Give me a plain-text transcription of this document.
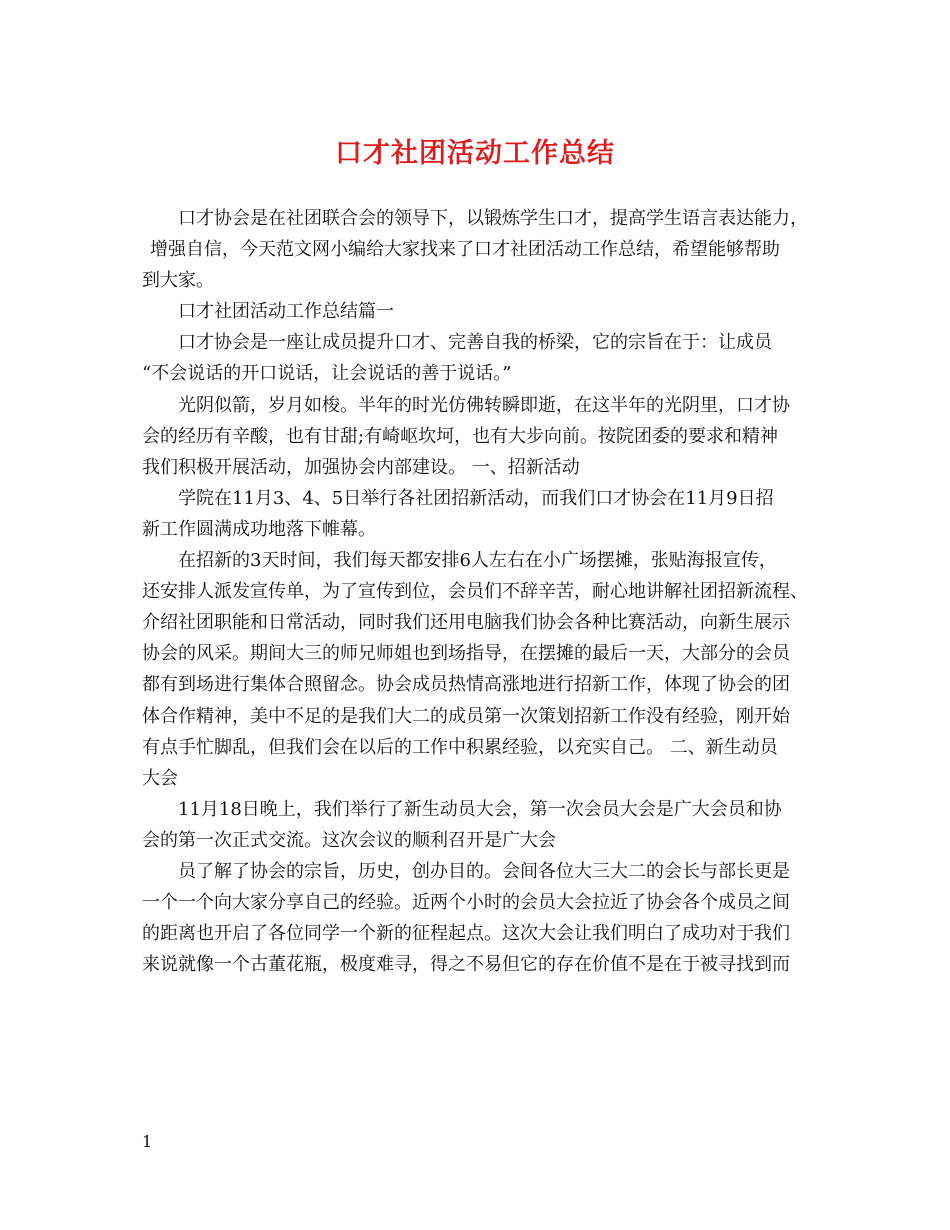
口才社团活动工作总结
口才协会是在社团联合会的领导下，以锻炼学生口才，提高学生语言表达能力，
增强自信，今天范文网小编给大家找来了口才社团活动工作总结，希望能够帮助
到大家。
口才社团活动工作总结篇一
口才协会是一座让成员提升口才、完善自我的桥梁，它的宗旨在于：让成员
“不会说话的开口说话，让会说话的善于说话。”
光阴似箭，岁月如梭。半年的时光仿佛转瞬即逝，在这半年的光阴里，口才协
会的经历有辛酸，也有甘甜;有崎岖坎坷，也有大步向前。按院团委的要求和精神
我们积极开展活动，加强协会内部建设。 一、招新活动
学院在11月3、4、5日举行各社团招新活动，而我们口才协会在11月9日招
新工作圆满成功地落下帷幕。
在招新的3天时间，我们每天都安排6人左右在小广场摆摊，张贴海报宣传，
还安排人派发宣传单，为了宣传到位，会员们不辞辛苦，耐心地讲解社团招新流程、
介绍社团职能和日常活动，同时我们还用电脑我们协会各种比赛活动，向新生展示
协会的风采。期间大三的师兄师姐也到场指导，在摆摊的最后一天，大部分的会员
都有到场进行集体合照留念。协会成员热情高涨地进行招新工作，体现了协会的团
体合作精神，美中不足的是我们大二的成员第一次策划招新工作没有经验，刚开始
有点手忙脚乱，但我们会在以后的工作中积累经验，以充实自己。 二、新生动员
大会
11月18日晚上，我们举行了新生动员大会，第一次会员大会是广大会员和协
会的第一次正式交流。这次会议的顺利召开是广大会
员了解了协会的宗旨，历史，创办目的。会间各位大三大二的会长与部长更是
一个一个向大家分享自己的经验。近两个小时的会员大会拉近了协会各个成员之间
的距离也开启了各位同学一个新的征程起点。这次大会让我们明白了成功对于我们
来说就像一个古董花瓶，极度难寻，得之不易但它的存在价值不是在于被寻找到而
1
